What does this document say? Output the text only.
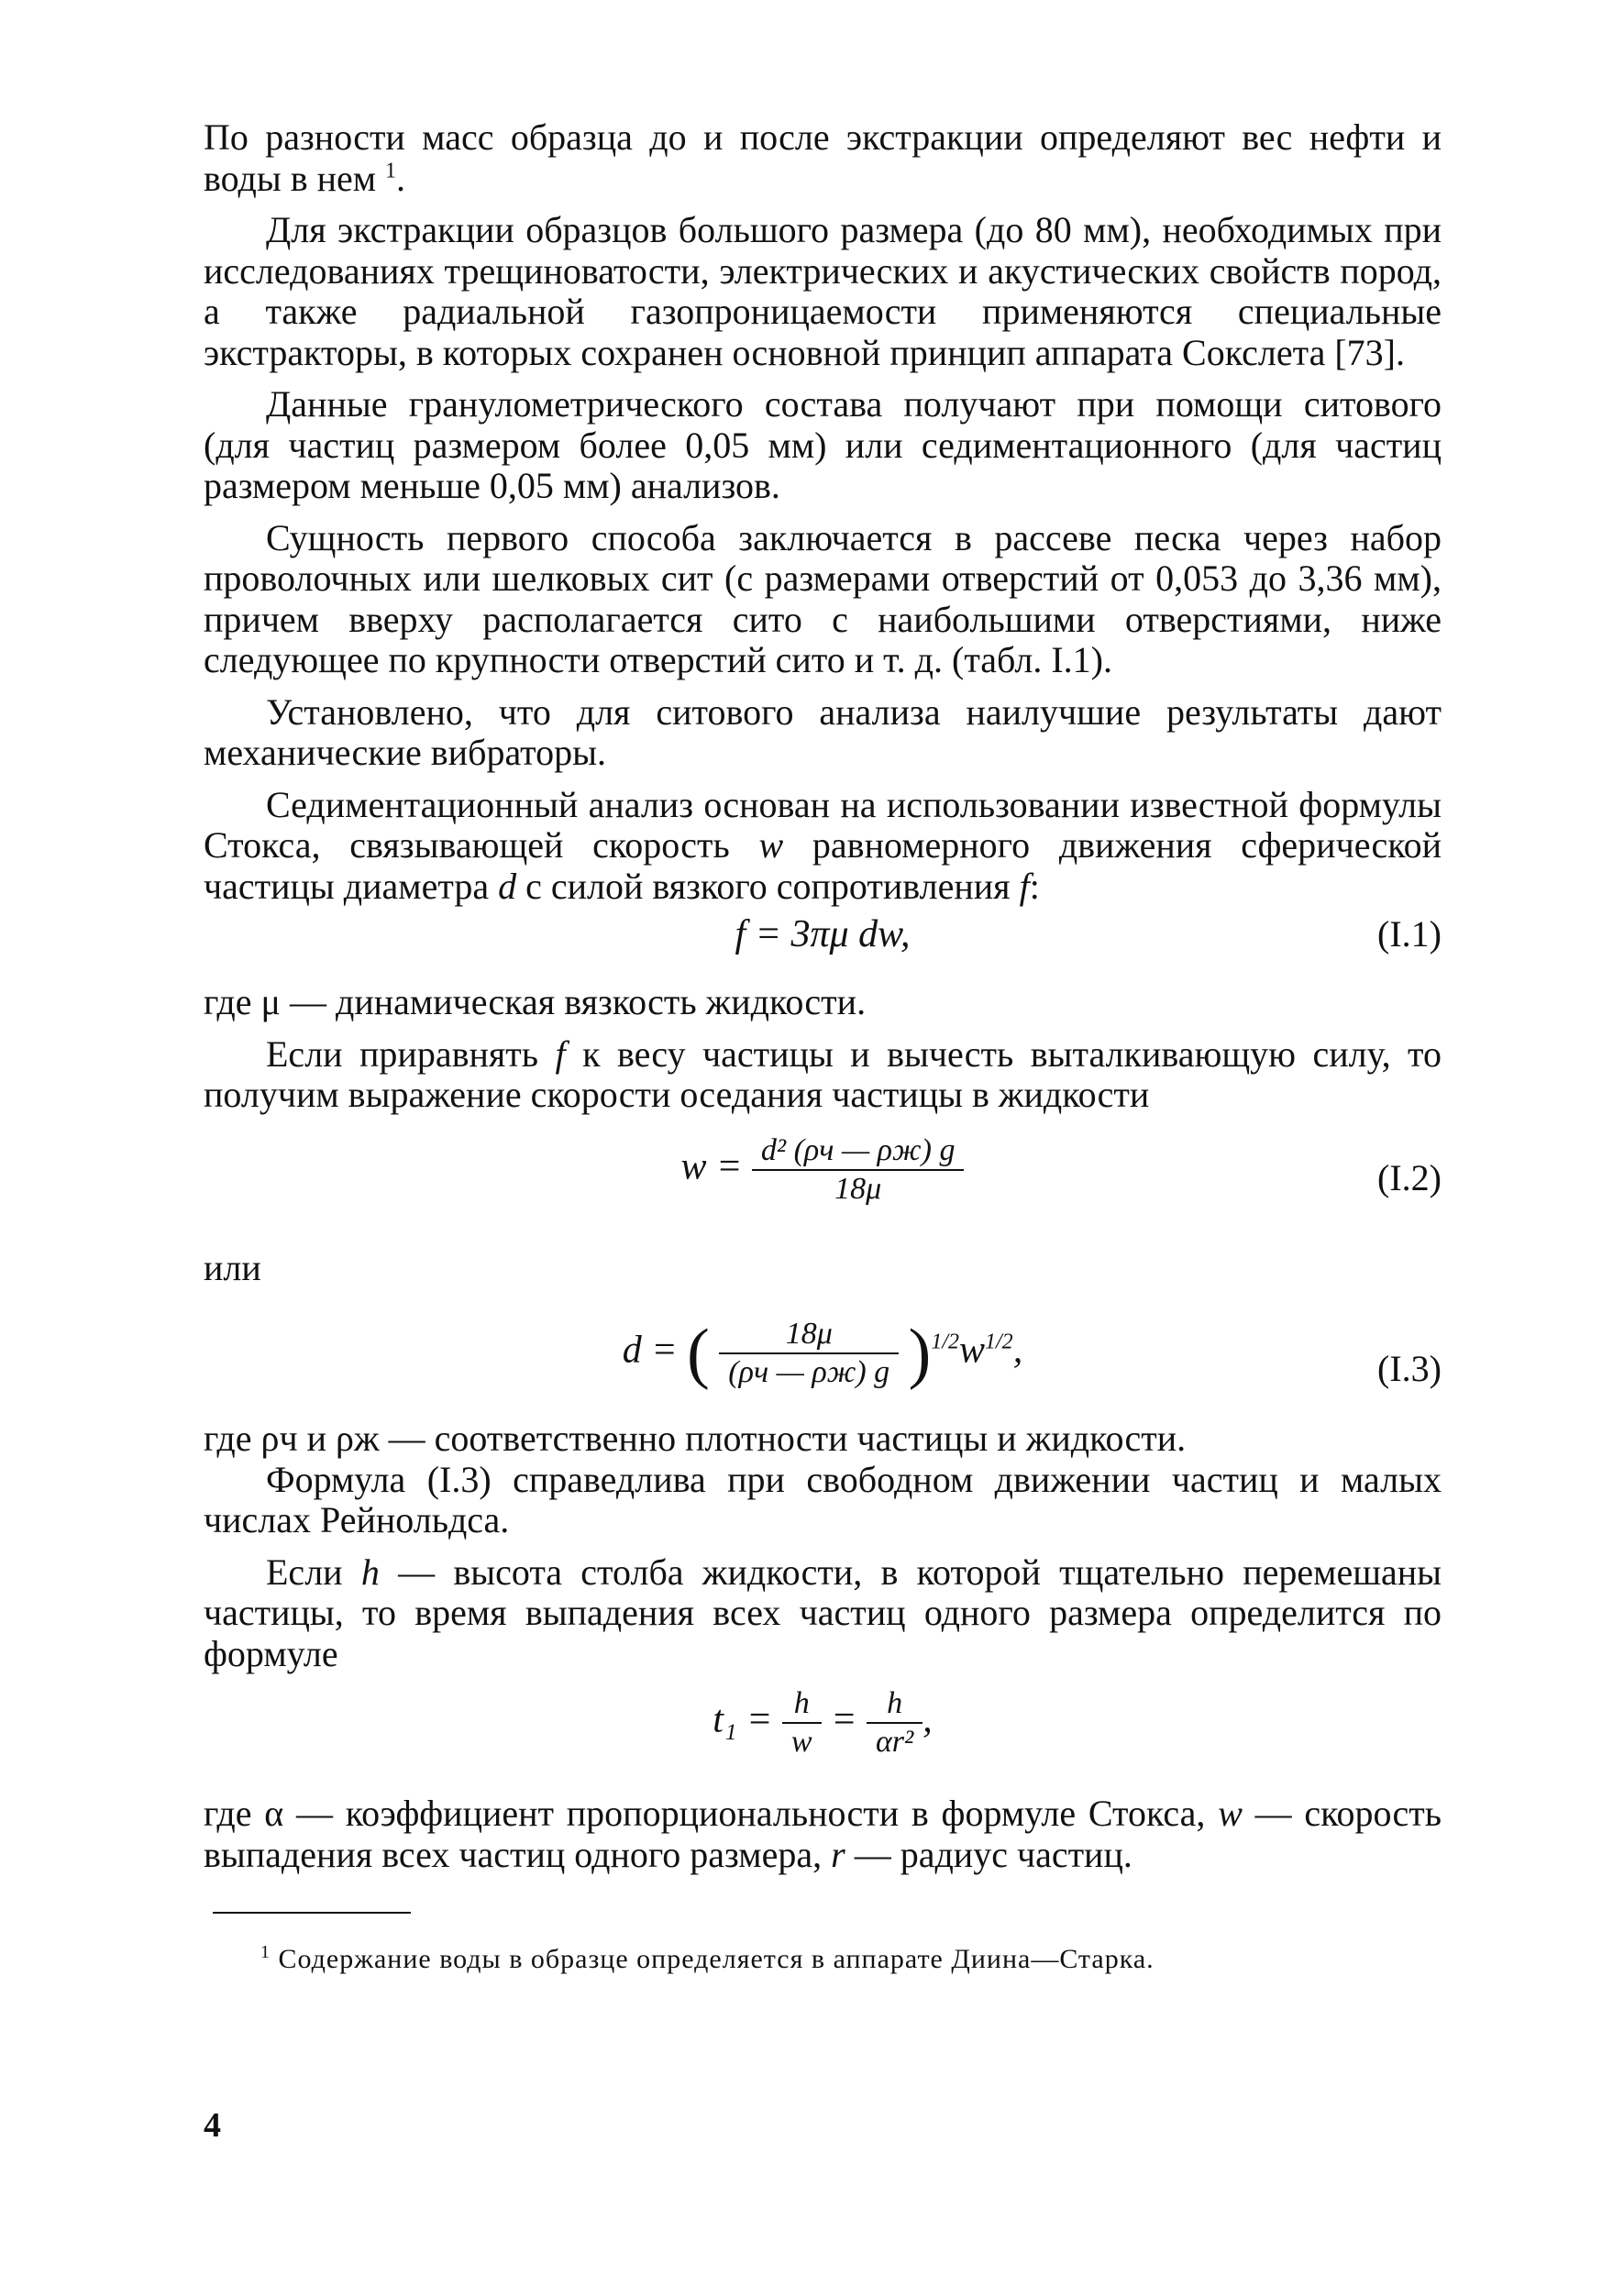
По разности масс образца до и после экстракции определяют вес нефти и воды в нем $^1$.

Для экстракции образцов большого размера (до 80 мм), необходимых при исследованиях трещиноватости, электрических и акустических свойств пород, а также радиальной газопроницаемости применяются специальные экстракторы, в которых сохранен основной принцип аппарата Сокслета [73].

Данные гранулометрического состава получают при помощи ситового (для частиц размером более 0,05 мм) или седиментационного (для частиц размером меньше 0,05 мм) анализов.

Сущность первого способа заключается в рассеве песка через набор проволочных или шелковых сит (с размерами отверстий от 0,053 до 3,36 мм), причем вверху располагается сито с наибольшими отверстиями, ниже следующее по крупности отверстий сито и т. д. (табл. I.1).

Установлено, что для ситового анализа наилучшие результаты дают механические вибраторы.

Седиментационный анализ основан на использовании известной формулы Стокса, связывающей скорость w равномерного движения сферической частицы диаметра d с силой вязкого сопротивления f:

f = 3πμ dw,	(I.1)

где μ — динамическая вязкость жидкости.

Если приравнять f к весу частицы и вычесть выталкивающую силу, то получим выражение скорости оседания частицы в жидкости

$w = \frac{\text{d² (ρч — ρж) g}}{18\mu}$	(I.2)

или

d = ( $\frac{18\mu}{(\rho ч — \rho ж) g} )^{1/2}w^{1/2}$,	(I.3)

где ρч и ρж — соответственно плотности частицы и жидкости.

Формула (I.3) справедлива при свободном движении частиц и малых числах Рейнольдса.

Если h — высота столба жидкости, в которой тщательно перемешаны частицы, то время выпадения всех частиц одного размера определится по формуле

$t_1 = \frac{h}{w} = \frac{h}{\text{αr²}}$ ,

где α — коэффициент пропорциональности в формуле Стокса, w — скорость выпадения всех частиц одного размера, r — радиус частиц.

$^1$ Содержание воды в образце определяется в аппарате Диина—Старка.

4
